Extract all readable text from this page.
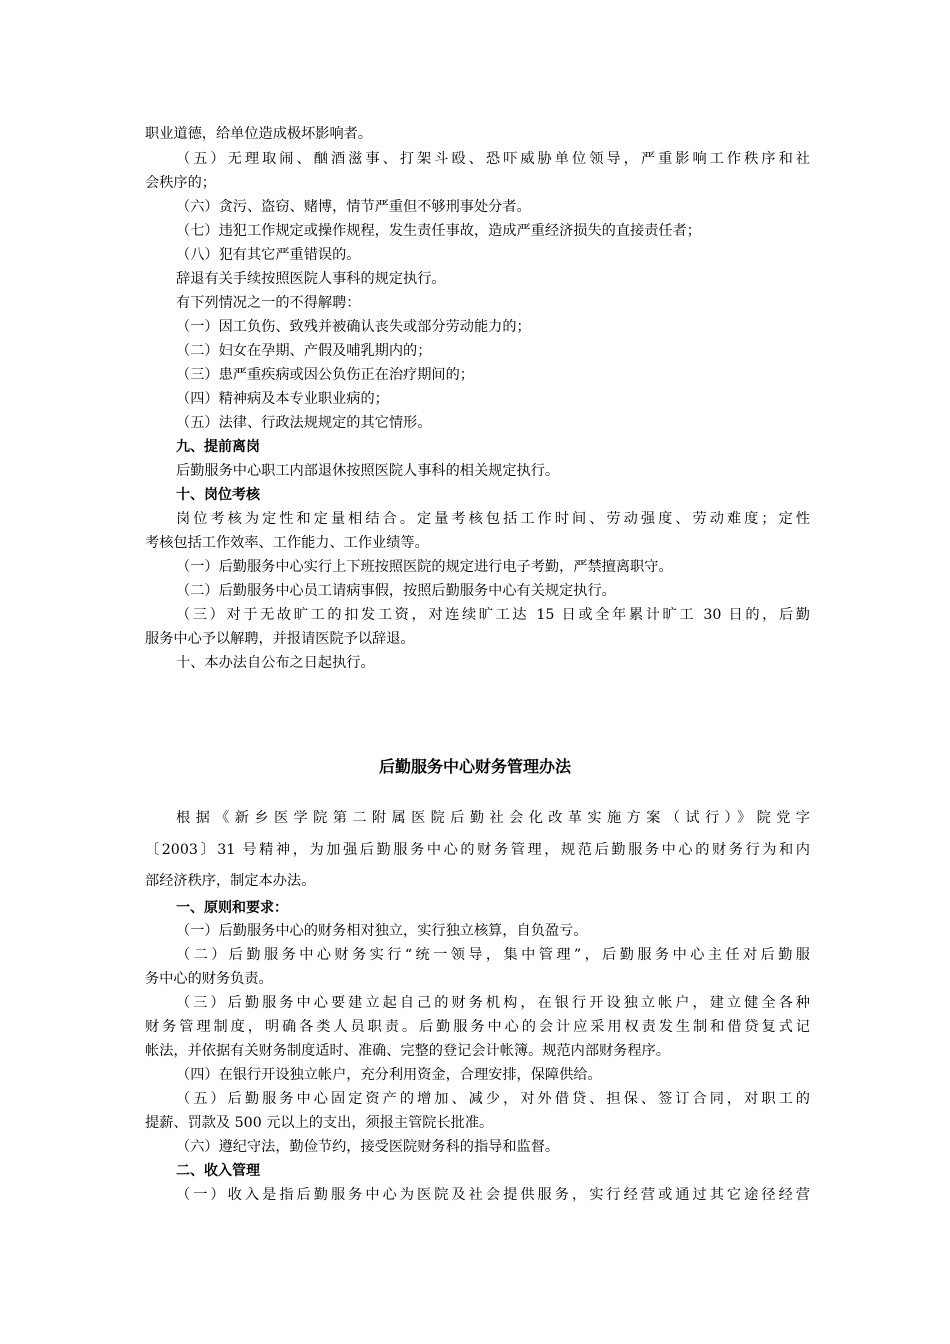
职业道德，给单位造成极坏影响者。
（五）无理取闹、酗酒滋事、打架斗殴、恐吓威胁单位领导，严重影响工作秩序和社
会秩序的；
（六）贪污、盗窃、赌博，情节严重但不够刑事处分者。
（七）违犯工作规定或操作规程，发生责任事故，造成严重经济损失的直接责任者；
（八）犯有其它严重错误的。
辞退有关手续按照医院人事科的规定执行。
有下列情况之一的不得解聘：
（一）因工负伤、致残并被确认丧失或部分劳动能力的；
（二）妇女在孕期、产假及哺乳期内的；
（三）患严重疾病或因公负伤正在治疗期间的；
（四）精神病及本专业职业病的；
（五）法律、行政法规规定的其它情形。
九、提前离岗
后勤服务中心职工内部退休按照医院人事科的相关规定执行。
十、岗位考核
岗位考核为定性和定量相结合。定量考核包括工作时间、劳动强度、劳动难度；定性
考核包括工作效率、工作能力、工作业绩等。
（一）后勤服务中心实行上下班按照医院的规定进行电子考勤，严禁擅离职守。
（二）后勤服务中心员工请病事假，按照后勤服务中心有关规定执行。
（三）对于无故旷工的扣发工资，对连续旷工达 15 日或全年累计旷工 30 日的，后勤
服务中心予以解聘，并报请医院予以辞退。
十、本办法自公布之日起执行。
后勤服务中心财务管理办法
根据《新乡医学院第二附属医院后勤社会化改革实施方案（试行）》院党字
〔2003〕31 号精神，为加强后勤服务中心的财务管理，规范后勤服务中心的财务行为和内
部经济秩序，制定本办法。
一、原则和要求：
（一）后勤服务中心的财务相对独立，实行独立核算，自负盈亏。
（二）后勤服务中心财务实行“统一领导，集中管理”，后勤服务中心主任对后勤服
务中心的财务负责。
（三）后勤服务中心要建立起自己的财务机构，在银行开设独立帐户，建立健全各种
财务管理制度，明确各类人员职责。后勤服务中心的会计应采用权责发生制和借贷复式记
帐法，并依据有关财务制度适时、准确、完整的登记会计帐簿。规范内部财务程序。
（四）在银行开设独立帐户，充分利用资金，合理安排，保障供给。
（五）后勤服务中心固定资产的增加、减少，对外借贷、担保、签订合同，对职工的
提薪、罚款及 500 元以上的支出，须报主管院长批准。
（六）遵纪守法，勤俭节约，接受医院财务科的指导和监督。
二、收入管理
（一）收入是指后勤服务中心为医院及社会提供服务，实行经营或通过其它途径经营
